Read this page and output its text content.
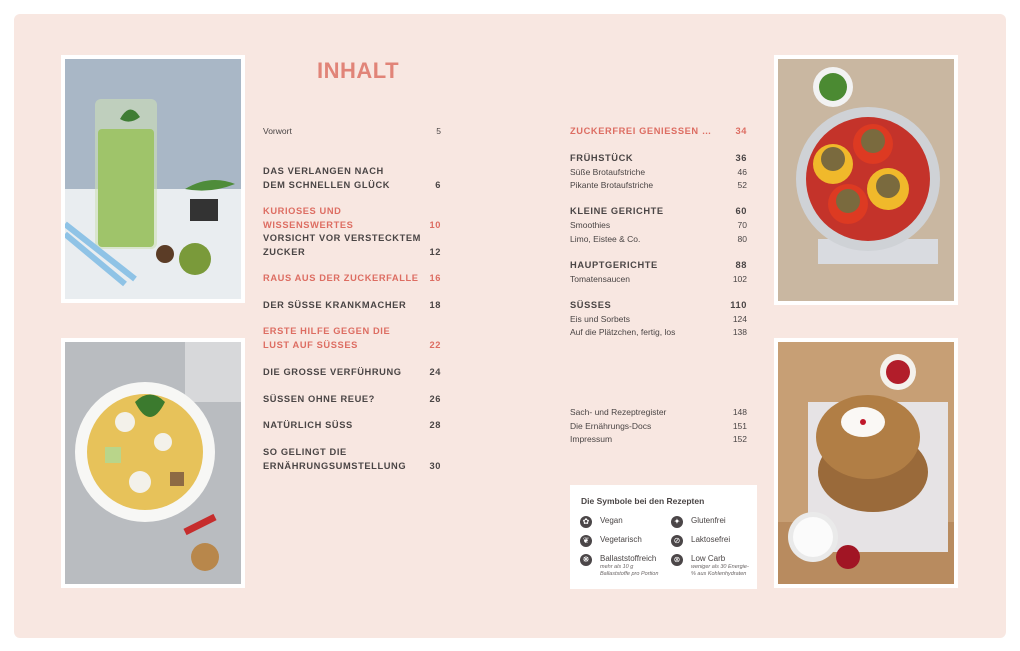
INHALT
Vorwort	5
DAS VERLANGEN NACH
DEM SCHNELLEN GLÜCK	6
KURIOSES UND WISSENSWERTES	10
VORSICHT VOR VERSTECKTEM
ZUCKER	12
RAUS AUS DER ZUCKERFALLE 16
DER SÜSSE KRANKMACHER 18
ERSTE HILFE GEGEN DIE
LUST AUF SÜSSES	22
DIE GROSSE VERFÜHRUNG	24
SÜSSEN OHNE REUE?	26
NATÜRLICH SÜSS	28
SO GELINGT DIE
ERNÄHRUNGSUMSTELLUNG	30
ZUCKERFREI GENIESSEN …	34
FRÜHSTÜCK	36
Süße Brotaufstriche	46
Pikante Brotaufstriche	52
KLEINE GERICHTE	60
Smoothies	70
Limo, Eistee & Co.	80
HAUPTGERICHTE	88
Tomatensaucen	102
SÜSSES	110
Eis und Sorbets	124
Auf die Plätzchen, fertig, los	138
Sach- und Rezeptregister	148
Die Ernährungs-Docs	151
Impressum	152
Die Symbole bei den Rezepten
✿	Vegan	✦	Glutenfrei
❦	Vegetarisch	⊘	Laktosefrei
❋	Ballaststoffreich
mehr als 10 g Ballaststoffe pro Portion
⊗	Low Carb
weniger als 30 Energie-% aus Kohlenhydraten
